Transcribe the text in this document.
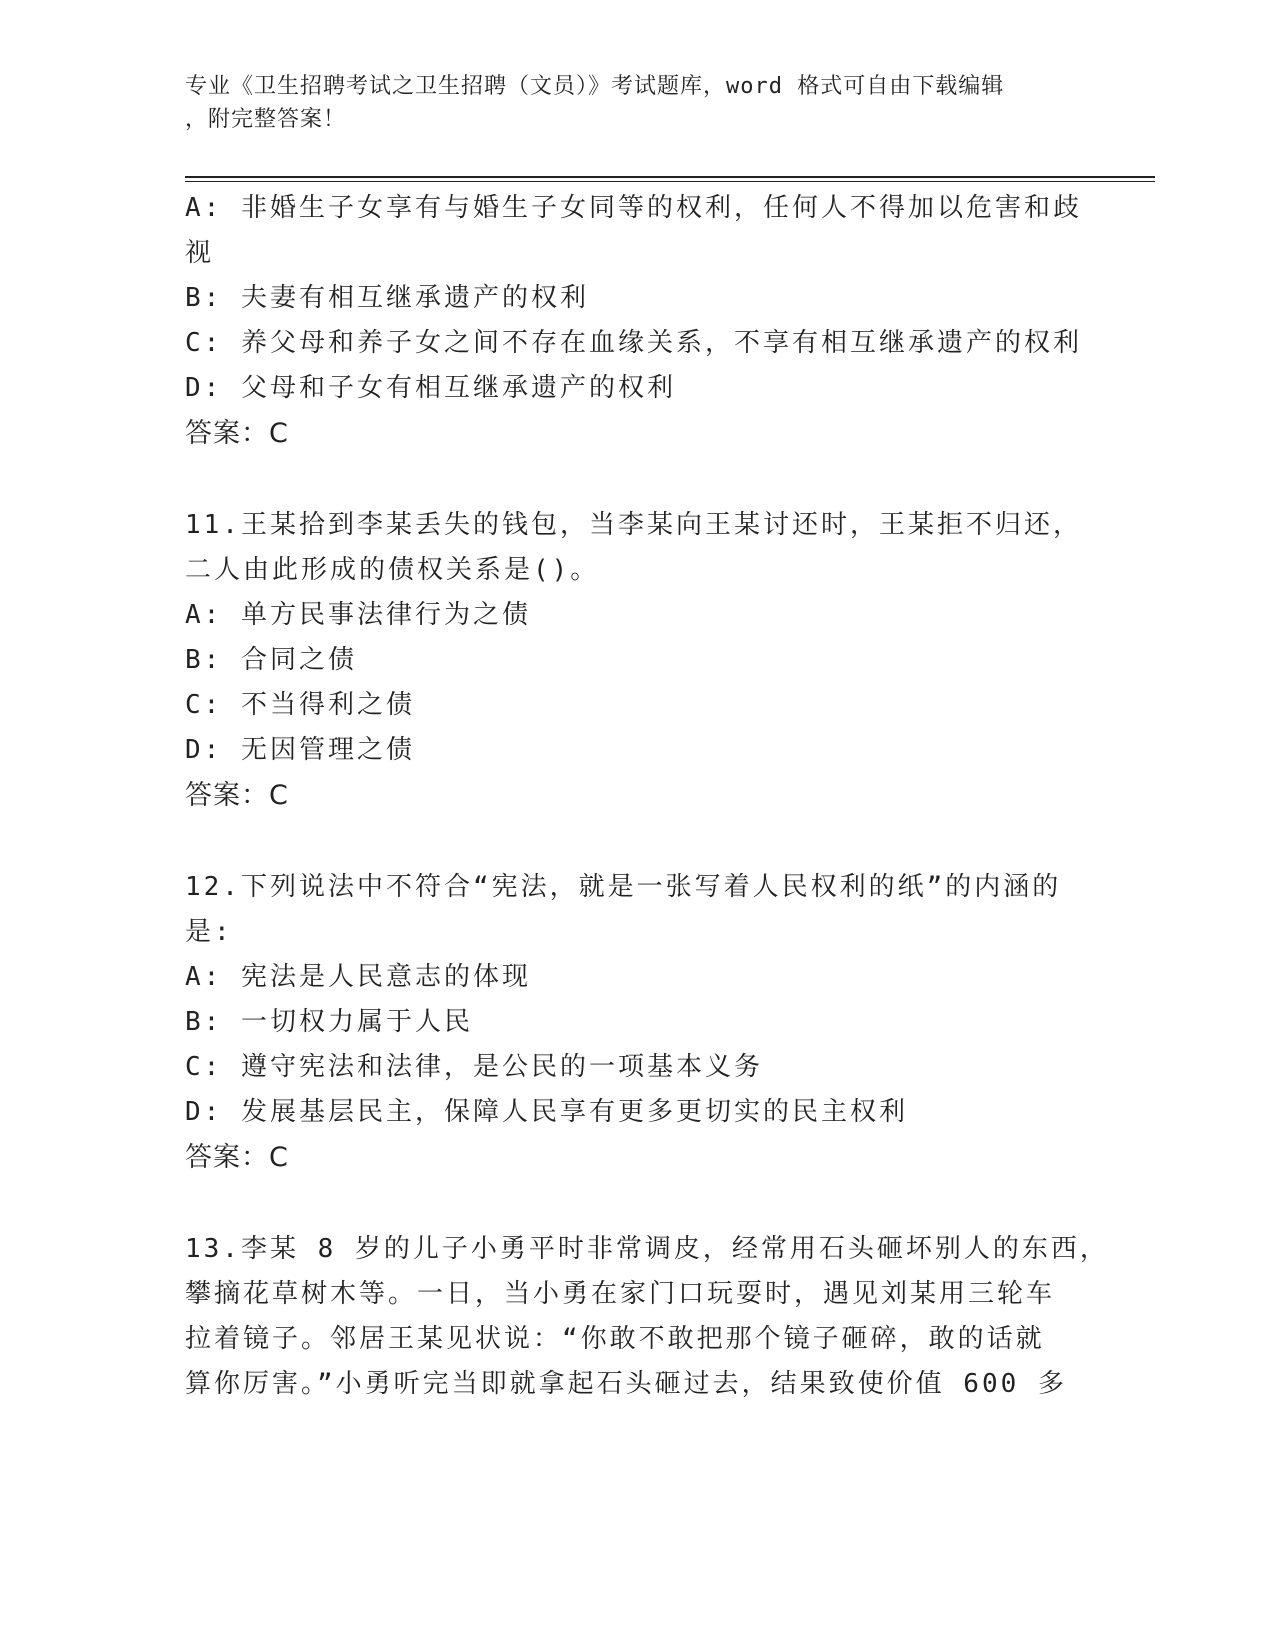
专业《卫生招聘考试之卫生招聘（文员）》考试题库，word 格式可自由下载编辑
，附完整答案！
A: 非婚生子女享有与婚生子女同等的权利，任何人不得加以危害和歧
视
B: 夫妻有相互继承遗产的权利
C: 养父母和养子女之间不存在血缘关系，不享有相互继承遗产的权利
D: 父母和子女有相互继承遗产的权利
答案：C
11.王某拾到李某丢失的钱包，当李某向王某讨还时，王某拒不归还，
二人由此形成的债权关系是()。
A: 单方民事法律行为之债
B: 合同之债
C: 不当得利之债
D: 无因管理之债
答案：C
12.下列说法中不符合“宪法，就是一张写着人民权利的纸”的内涵的
是:
A: 宪法是人民意志的体现
B: 一切权力属于人民
C: 遵守宪法和法律，是公民的一项基本义务
D: 发展基层民主，保障人民享有更多更切实的民主权利
答案：C
13.李某 8 岁的儿子小勇平时非常调皮，经常用石头砸坏别人的东西，
攀摘花草树木等。一日，当小勇在家门口玩耍时，遇见刘某用三轮车
拉着镜子。邻居王某见状说：“你敢不敢把那个镜子砸碎，敢的话就
算你厉害。”小勇听完当即就拿起石头砸过去，结果致使价值 600 多
